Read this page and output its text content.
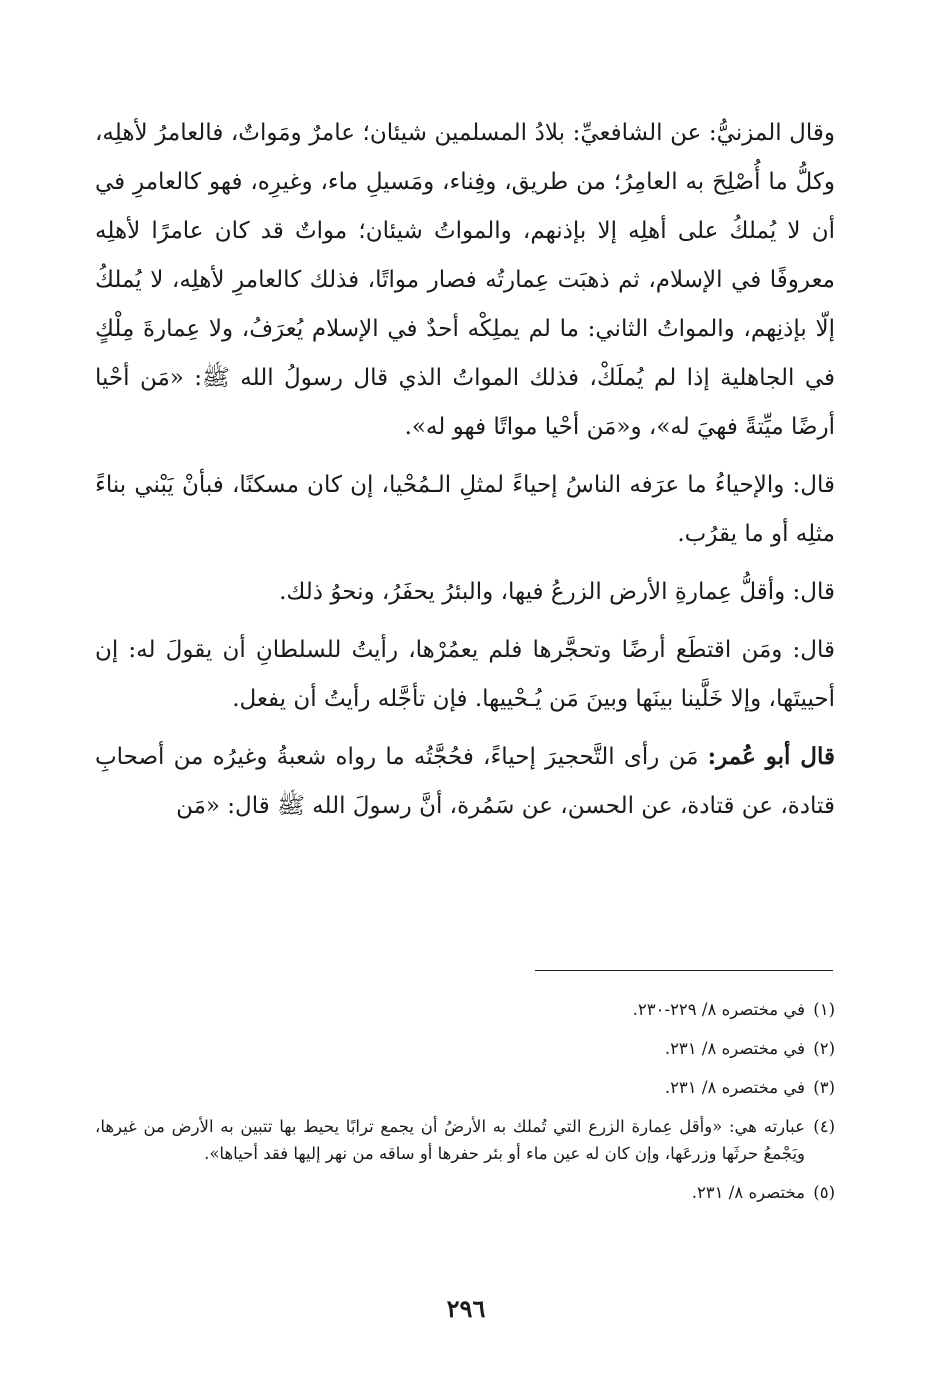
وقال المزنيُّ: عن الشافعيِّ: بلادُ المسلمين شيئان؛ عامرٌ ومَواتٌ، فالعامرُ لأهلِه، وكلُّ ما أُصْلِحَ به العامِرُ؛ من طريق، وفِناء، ومَسيلِ ماء، وغيرِه، فهو كالعامرِ في أن لا يُملكُ على أهلِه إلا بإذنهم، والمواتُ شيئان؛ مواتٌ قد كان عامرًا لأهلِه معروفًا في الإسلام، ثم ذهبَت عِمارتُه فصار مواتًا، فذلك كالعامرِ لأهلِه، لا يُملكُ إلّا بإذنِهم، والمواتُ الثاني: ما لم يملِكْه أحدٌ في الإسلام يُعرَفُ، ولا عِمارةَ مِلْكٍ في الجاهلية إذا لم يُملَكْ، فذلك المواتُ الذي قال رسولُ الله ﷺ: «مَن أحْيا أرضًا ميِّتةً فهيَ له»، و«مَن أحْيا مواتًا فهو له».

قال: والإحياءُ ما عرَفه الناسُ إحياءً لمثلِ الـمُحْيا، إن كان مسكنًا، فبأنْ يَبْني بناءً مثلِه أو ما يقرُب.

قال: وأقلُّ عِمارةِ الأرض الزرعُ فيها، والبئرُ يحفَرُ، ونحوُ ذلك.

قال: ومَن اقتطَع أرضًا وتحجَّرها فلم يعمُرْها، رأيتُ للسلطانِ أن يقولَ له: إن أحييتَها، وإلا خَلَّينا بينَها وبينَ مَن يُـحْييها. فإن تأجَّله رأيتُ أن يفعل.

قال أبو عُمر: مَن رأى التَّحجيرَ إحياءً، فحُجَّتُه ما رواه شعبةُ وغيرُه من أصحابِ قتادة، عن قتادة، عن الحسن، عن سَمُرة، أنَّ رسولَ الله ﷺ قال: «مَن

(١)في مختصره ٨/ ٢٢٩-٢٣٠.

(٢)في مختصره ٨/ ٢٣١.

(٣)في مختصره ٨/ ٢٣١.

(٤)عبارته هي: «وأقل عِمارة الزرع التي تُملك به الأرضُ أن يجمع ترابًا يحيط بها تتبين به الأرض من غيرها، ويَجْمعُ حرثَها وزرعَها، وإن كان له عين ماء أو بئر حفرها أو ساقه من نهر إليها فقد أحياها».

(٥)مختصره ٨/ ٢٣١.

٢٩٦
